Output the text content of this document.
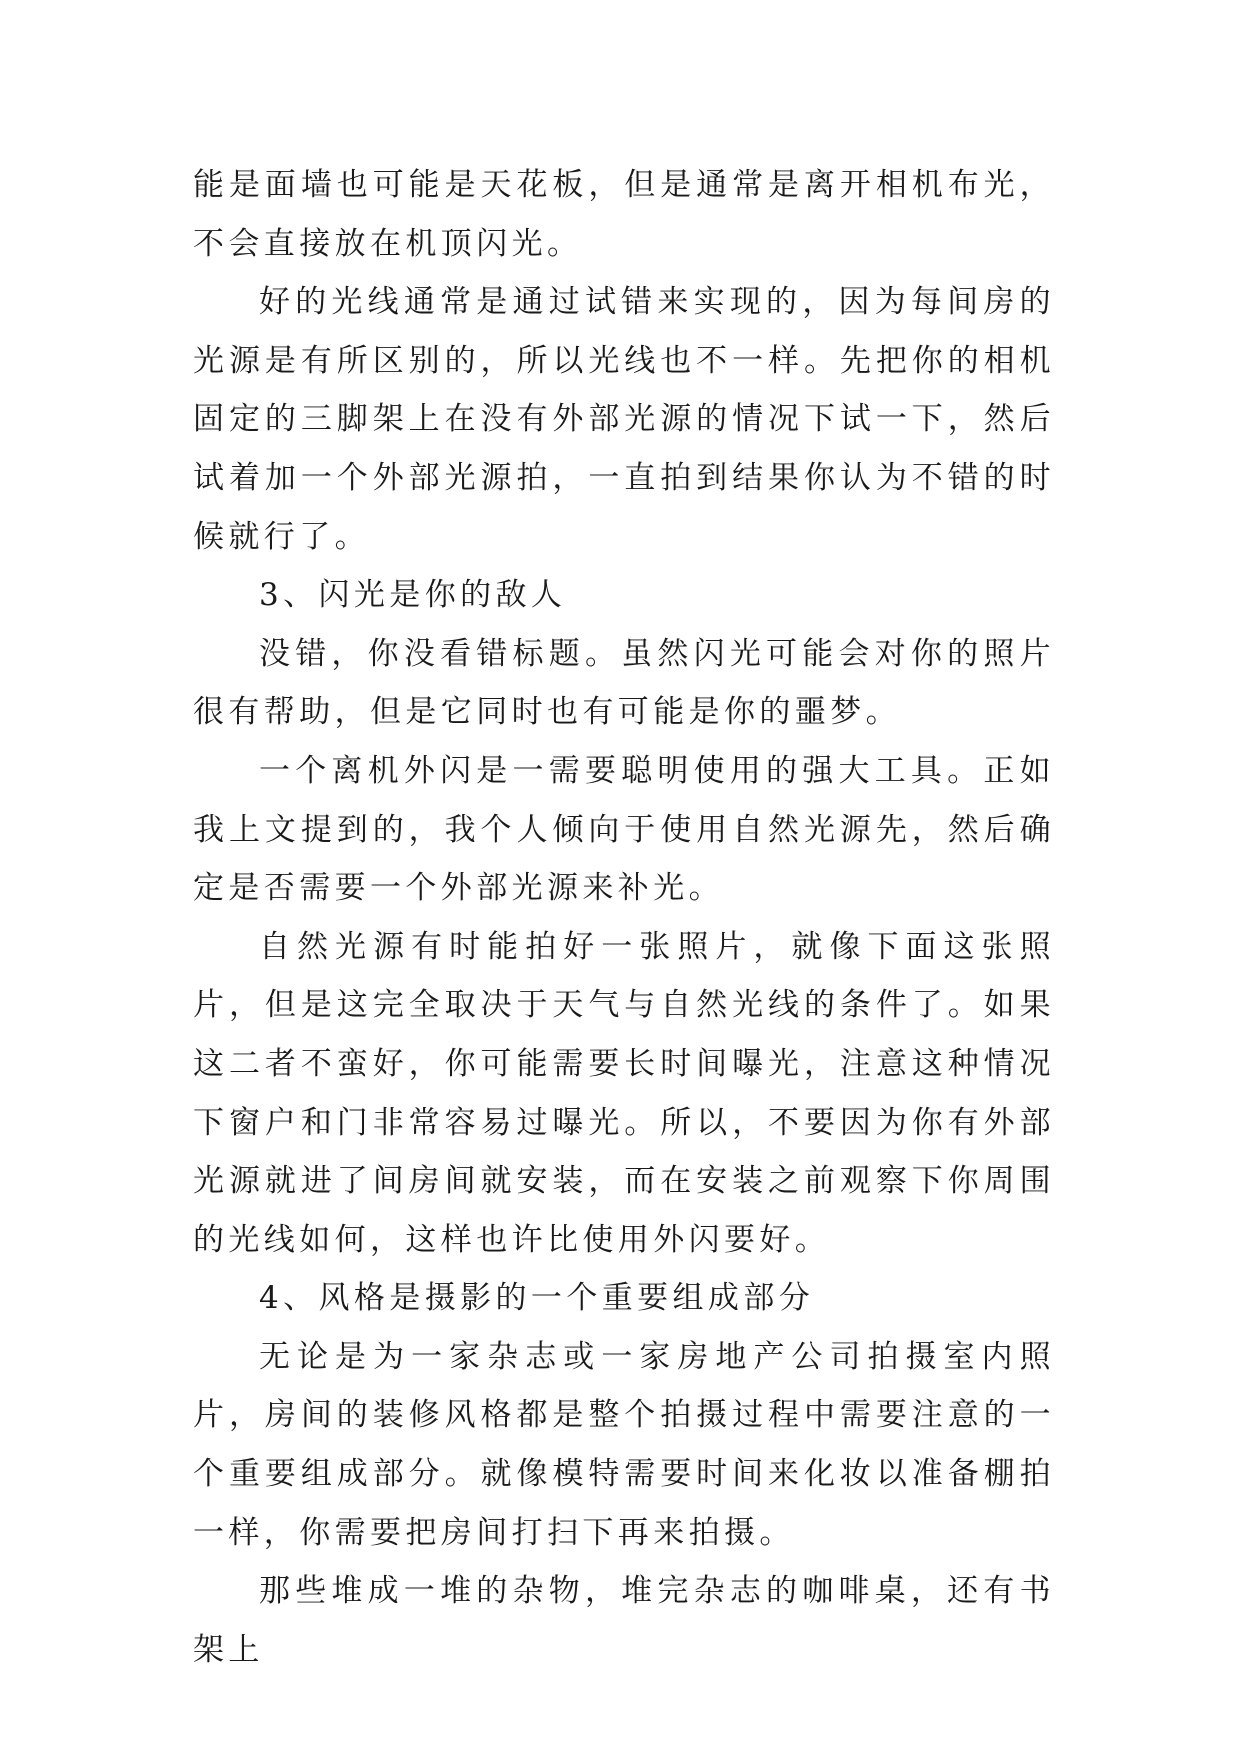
能是面墙也可能是天花板，但是通常是离开相机布光，不会直接放在机顶闪光。

好的光线通常是通过试错来实现的，因为每间房的光源是有所区别的，所以光线也不一样。先把你的相机固定的三脚架上在没有外部光源的情况下试一下，然后试着加一个外部光源拍，一直拍到结果你认为不错的时候就行了。

3、闪光是你的敌人

没错，你没看错标题。虽然闪光可能会对你的照片很有帮助，但是它同时也有可能是你的噩梦。

一个离机外闪是一需要聪明使用的强大工具。正如我上文提到的，我个人倾向于使用自然光源先，然后确定是否需要一个外部光源来补光。

自然光源有时能拍好一张照片，就像下面这张照片，但是这完全取决于天气与自然光线的条件了。如果这二者不蛮好，你可能需要长时间曝光，注意这种情况下窗户和门非常容易过曝光。所以，不要因为你有外部光源就进了间房间就安装，而在安装之前观察下你周围的光线如何，这样也许比使用外闪要好。

4、风格是摄影的一个重要组成部分

无论是为一家杂志或一家房地产公司拍摄室内照片，房间的装修风格都是整个拍摄过程中需要注意的一个重要组成部分。就像模特需要时间来化妆以准备棚拍一样，你需要把房间打扫下再来拍摄。

那些堆成一堆的杂物，堆完杂志的咖啡桌，还有书架上
